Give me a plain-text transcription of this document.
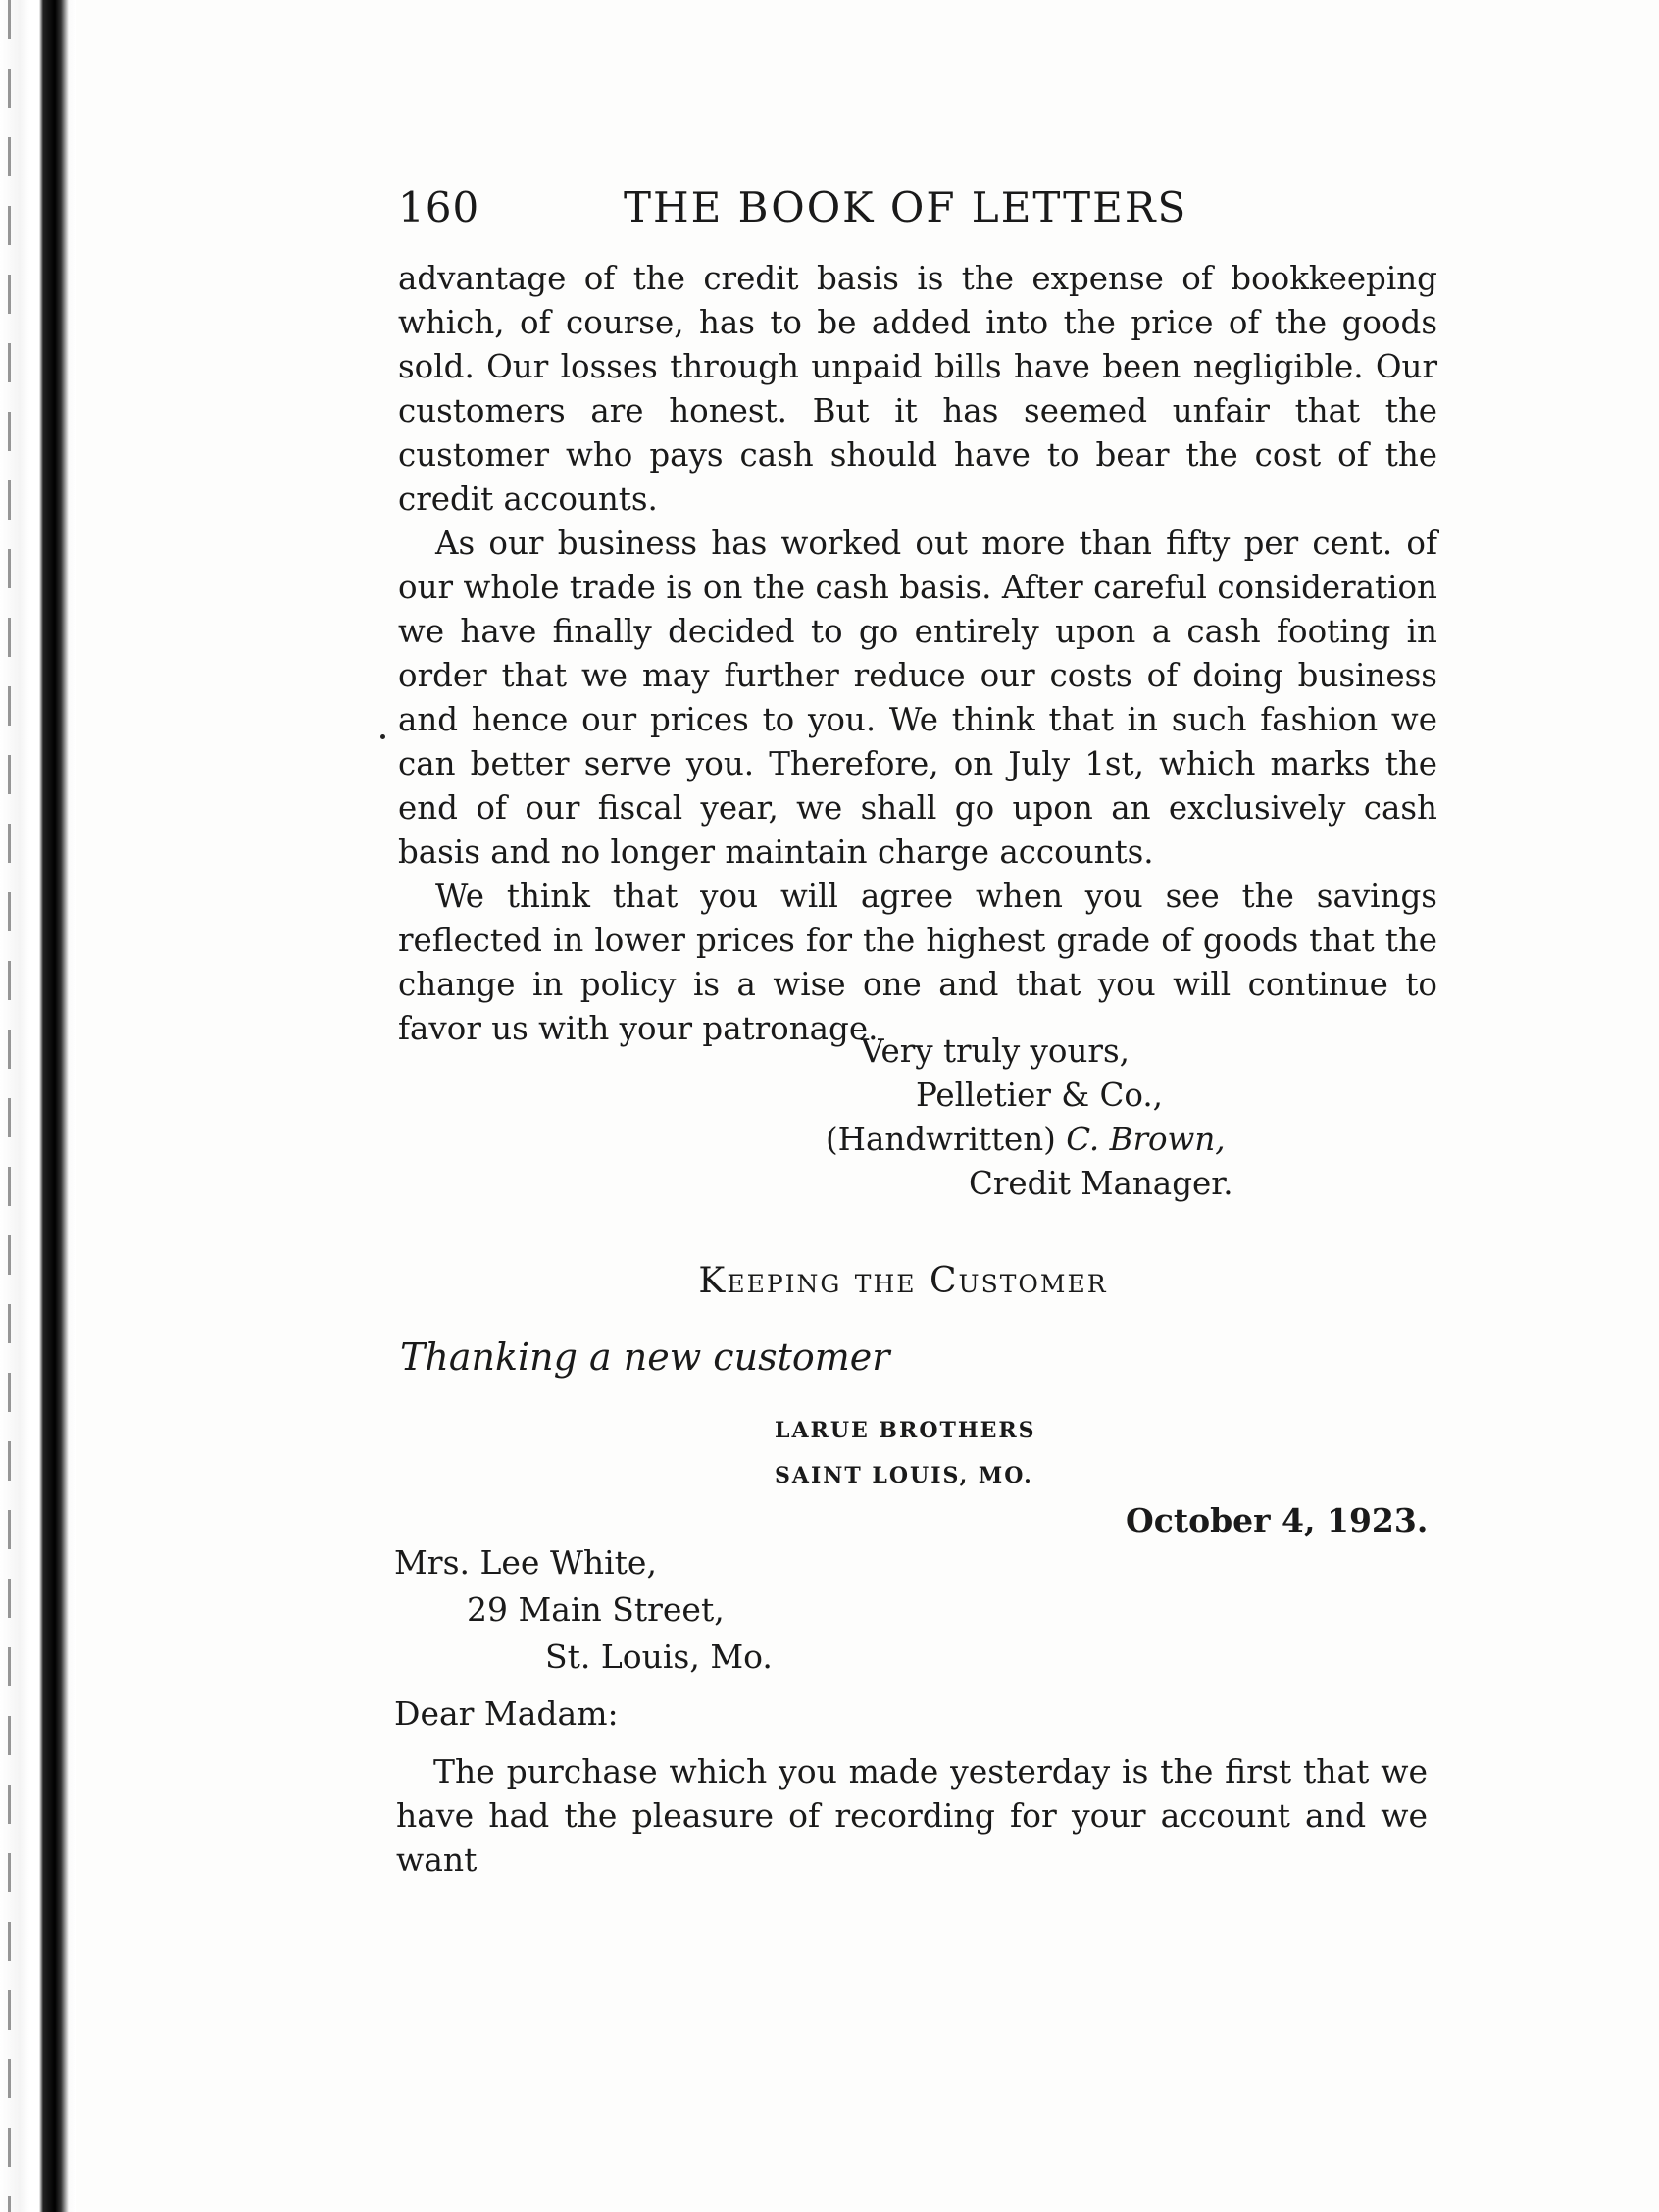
160	THE BOOK OF LETTERS

advantage of the credit basis is the expense of bookkeeping which, of course, has to be added into the price of the goods sold. Our losses through unpaid bills have been negligible. Our customers are honest. But it has seemed unfair that the customer who pays cash should have to bear the cost of the credit accounts.

As our business has worked out more than fifty per cent. of our whole trade is on the cash basis. After careful consideration we have finally decided to go entirely upon a cash footing in order that we may further reduce our costs of doing business and hence our prices to you. We think that in such fashion we can better serve you. Therefore, on July 1st, which marks the end of our fiscal year, we shall go upon an exclusively cash basis and no longer maintain charge accounts.

We think that you will agree when you see the savings reflected in lower prices for the highest grade of goods that the change in policy is a wise one and that you will continue to favor us with your patronage.

Very truly yours,
Pelletier & Co.,
(Handwritten) C. Brown,
Credit Manager.
Keeping the Customer
Thanking a new customer
LARUE BROTHERS
SAINT LOUIS, MO.
October 4, 1923.
Mrs. Lee White,
29 Main Street,
St. Louis, Mo.
Dear Madam:

The purchase which you made yesterday is the first that we have had the pleasure of recording for your account and we want
